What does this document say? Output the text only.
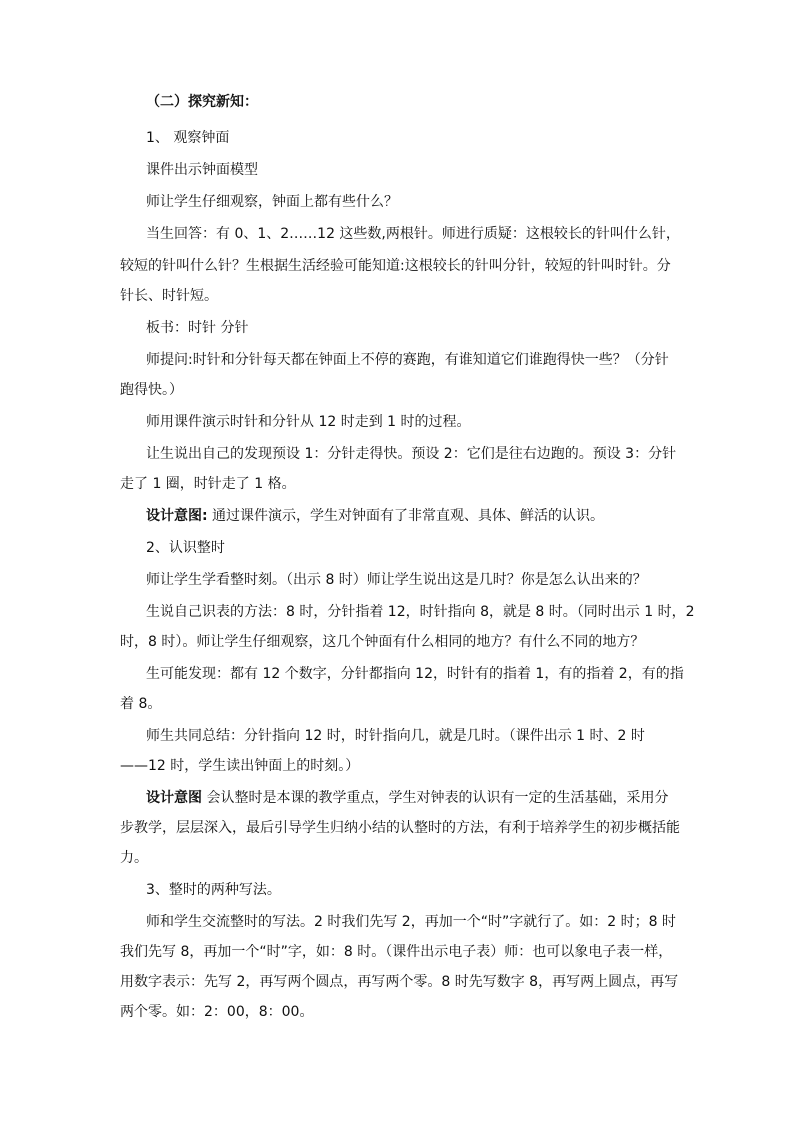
（二）探究新知：
1、 观察钟面
课件出示钟面模型
师让学生仔细观察，钟面上都有些什么？
当生回答：有 0、1、2……12 这些数,两根针。师进行质疑：这根较长的针叫什么针，
较短的针叫什么针？生根据生活经验可能知道:这根较长的针叫分针，较短的针叫时针。分
针长、时针短。
板书：时针 分针
师提问:时针和分针每天都在钟面上不停的赛跑，有谁知道它们谁跑得快一些？（分针
跑得快。）
师用课件演示时针和分针从 12 时走到 1 时的过程。
让生说出自己的发现预设 1：分针走得快。预设 2：它们是往右边跑的。预设 3：分针
走了 1 圈，时针走了 1 格。
设计意图: 通过课件演示，学生对钟面有了非常直观、具体、鲜活的认识。
2、认识整时
师让学生学看整时刻。（出示 8 时）师让学生说出这是几时？你是怎么认出来的？
生说自己识表的方法：8 时，分针指着 12，时针指向 8，就是 8 时。（同时出示 1 时，2
时，8 时）。师让学生仔细观察，这几个钟面有什么相同的地方？有什么不同的地方？
生可能发现：都有 12 个数字，分针都指向 12，时针有的指着 1，有的指着 2，有的指
着 8。
师生共同总结：分针指向 12 时，时针指向几，就是几时。（课件出示 1 时、2 时
——12 时，学生读出钟面上的时刻。）
设计意图 会认整时是本课的教学重点，学生对钟表的认识有一定的生活基础，采用分
步教学，层层深入，最后引导学生归纳小结的认整时的方法，有利于培养学生的初步概括能
力。
3、整时的两种写法。
师和学生交流整时的写法。2 时我们先写 2，再加一个“时”字就行了。如：2 时；8 时
我们先写 8，再加一个“时”字，如：8 时。（课件出示电子表）师：也可以象电子表一样，
用数字表示：先写 2，再写两个圆点，再写两个零。8 时先写数字 8，再写两上圆点，再写
两个零。如：2：00，8：00。
